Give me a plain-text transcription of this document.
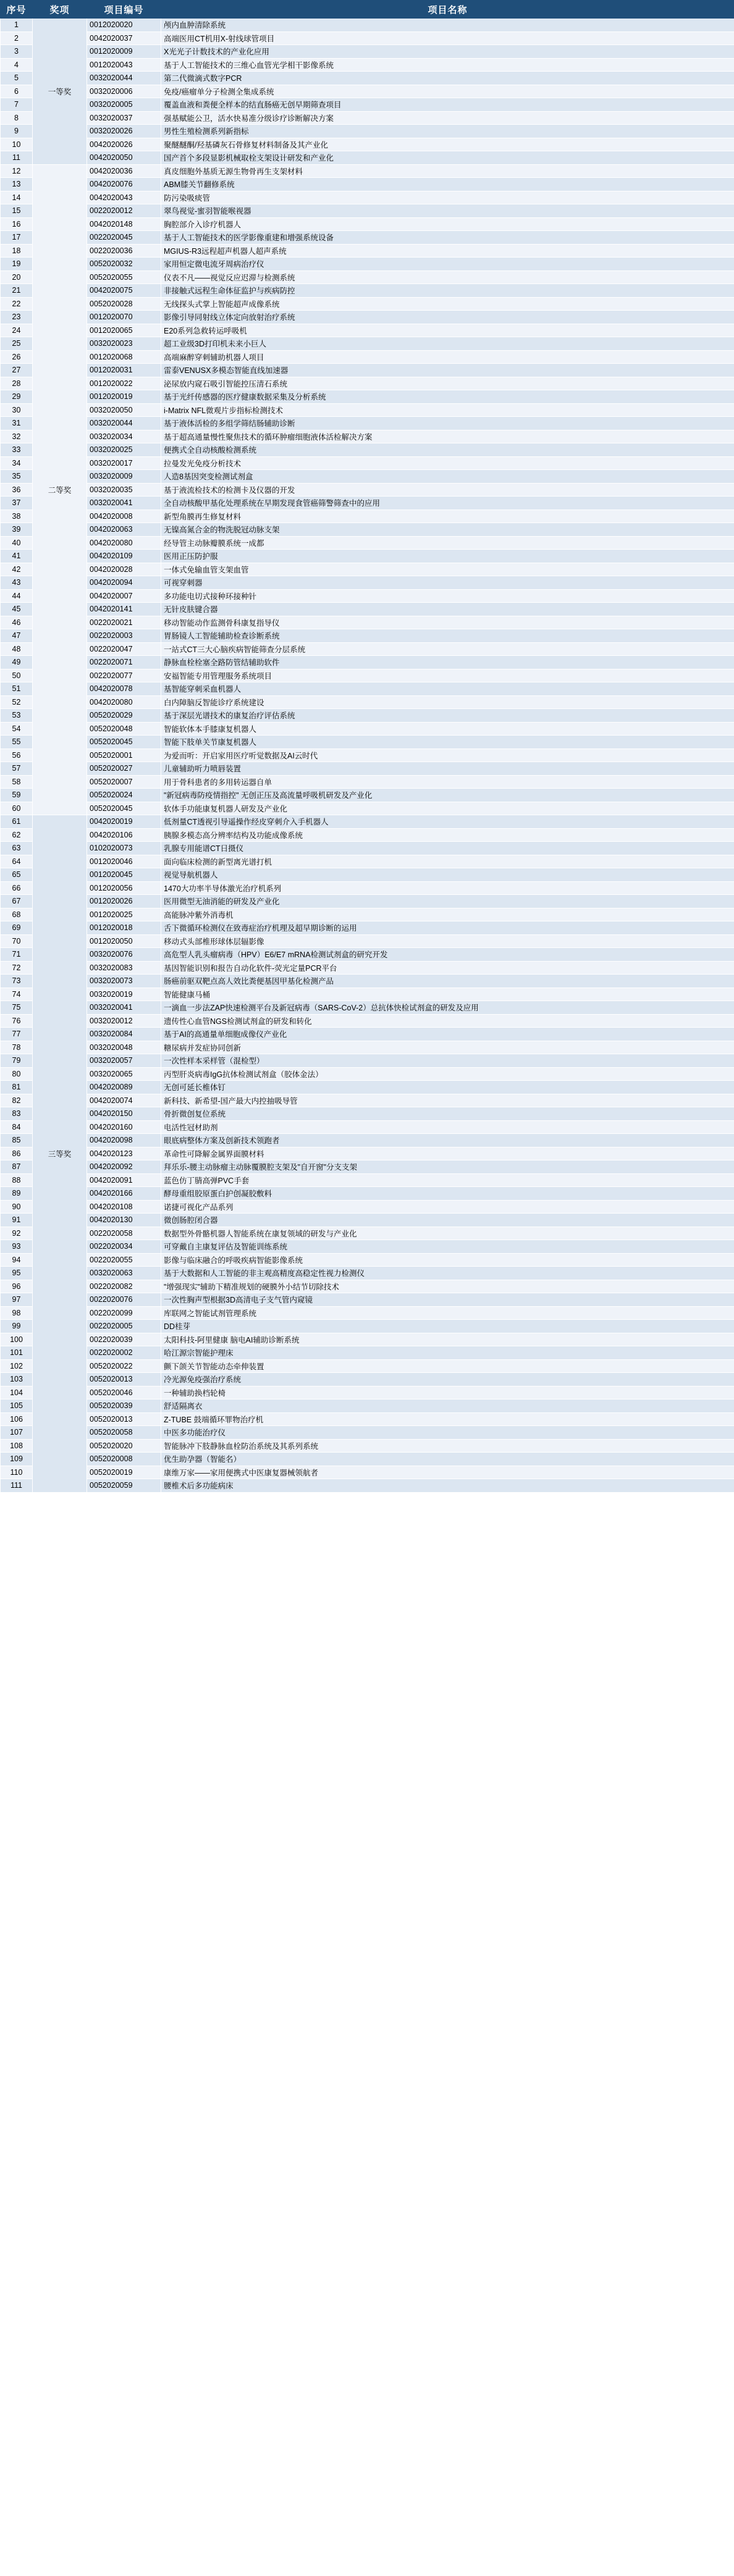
序号	奖项	项目编号	项目名称
1	一等奖	0012020020	颅内血肿清除系统
2		0042020037	高端医用CT机用X-射线球管项目
3		0012020009	X光光子计数技术的产业化应用
4		0012020043	基于人工智能技术的三维心血管光学相干影像系统
5		0032020044	第二代微滴式数字PCR
6		0032020006	免疫/癌瘤单分子检测全集成系统
7		0032020005	覆盖血液和粪便全样本的结直肠癌无创早期筛查项目
8		0032020037	强基赋能公卫，活水快易准分级诊疗诊断解决方案
9		0032020026	男性生殖检测系列新指标
10		0042020026	聚醚醚酮/羟基磷灰石骨修复材料制备及其产业化
11		0042020050	国产首个多段显影机械取栓支架设计研发和产业化
12	二等奖	0042020036	真皮细胞外基质无源生物骨再生支架材料
13		0042020076	ABM膝关节翻修系统
14		0042020043	防污染吸痰管
15		0022020012	翠鸟视觉-蜜羽智能喉视器
16		0042020148	胸腔部介入诊疗机器人
17		0022020045	基于人工智能技术的医学影像重建和增强系统设备
18		0022020036	MGIUS-R3远程超声机器人超声系统
19		0052020032	家用恒定微电流牙周病治疗仪
20		0052020055	仪表不凡——视觉反应迟滞与检测系统
21		0042020075	非接触式远程生命体征监护与疾病防控
22		0052020028	无线探头式掌上智能超声成像系统
23		0012020070	影像引导同射线立体定向放射治疗系统
24		0012020065	E20系列急救转运呼吸机
25		0032020023	超工业级3D打印机未来小巨人
26		0012020068	高端麻醉穿刺辅助机器人项目
27		0012020031	雷泰VENUSX多模态智能直线加速器
28		0012020022	泌尿放内窥石吸引智能控压清石系统
29		0012020019	基于光纤传感器的医疗健康数据采集及分析系统
30		0032020050	i-Matrix NFL微观片步指标检测技术
31		0032020044	基于液体活检的多组学筛结肠辅助诊断
32		0032020034	基于超高通量慢性聚焦技术的循环肿瘤细胞液体活检解决方案
33		0032020025	便携式全自动核酸检测系统
34		0032020017	拉曼发光免疫分析技术
35		0032020009	人造8基因突变检测试剂盒
36		0032020035	基于液流检技术的检测卡及仪器的开发
37		0032020041	全自动核酸甲基化处理系统在早期发现食管癌筛警筛查中的应用
38		0042020008	新型角膜再生修复材料
39		0042020063	无镍高氮合金的物洗脱冠动脉支架
40		0042020080	经导管主动脉瓣膜系统一成都
41		0042020109	医用正压防护服
42		0042020028	一体式免输血管支架血管
43		0042020094	可视穿刺器
44		0042020007	多功能电切式接种环接种针
45		0042020141	无针皮肤键合器
46		0022020021	移动智能动作监测骨科康复指导仪
47		0022020003	胃肠镜人工智能辅助检查诊断系统
48		0022020047	一站式CT三大心脑疾病智能筛查分层系统
49		0022020071	静脉血栓栓塞全路防管结辅助软件
50		0022020077	安福智能专用管理服务系统项目
51		0042020078	基智能穿刺采血机器人
52		0042020080	白内障脑反智能诊疗系统建设
53		0052020029	基于深层光谱技术的康复治疗评估系统
54		0052020048	智能软体本手膝康复机器人
55		0052020045	智能下肢单关节康复机器人
56		0052020001	为爱而听：开启家用医疗听觉数据及AI云时代
57		0052020027	儿童辅助听力喷唇装置
58		0052020007	用于骨科患者的多用转运器自单
59		0052020024	"新冠病毒防疫情指控" 无创正压及高流量呼吸机研发及产业化
60		0052020045	软体手功能康复机器人研发及产业化
61	三等奖	0042020019	低剂量CT透视引导遥操作经皮穿刺介入手机器人
62		0042020106	胰腺多模态高分辨率结构及功能成像系统
63		0102020073	乳腺专用能谱CT日摄仪
64		0012020046	面向临床检测的新型离光谱打机
65		0012020045	视觉导航机器人
66		0012020056	1470大功率半导体激光治疗机系列
67		0012020026	医用微型无油消能的研发及产业化
68		0012020025	高能脉冲紫外消毒机
69		0012020018	舌下微循环检测仪在致毒症治疗机理及超早期诊断的运用
70		0012020050	移动式头部椎形球体层辐影像
71		0032020076	高危型人乳头瘤病毒（HPV）E6/E7 mRNA检测试剂盒的研究开发
72		0032020083	基因智能识别和报告自动化软件-荧光定量PCR平台
73		0032020073	肠癌前驱双靶点高人效比粪便基因甲基化检测产品
74		0032020019	智能健康马桶
75		0032020041	一滴血一步法ZAP快速检测平台及新冠病毒（SARS-CoV-2）总抗体快检试剂盒的研发及应用
76		0032020012	遗传性心血管NGS检测试剂盒的研发和转化
77		0032020084	基于AI的高通量单细胞成像仪产业化
78		0032020048	糖尿病并发症协同创新
79		0032020057	一次性样本采样管（混检型）
80		0032020065	丙型肝炎病毒IgG抗体检测试剂盒（胶体金法）
81		0042020089	无创可延长椎体钉
82		0042020074	新科技、新希望-国产最大内控抽吸导管
83		0042020150	骨折微创复位系统
84		0042020160	电活性冠材助剂
85		0042020098	眼底病整体方案及创新技术领跑者
86		0042020123	革命性可降解金属界面膜材料
87		0042020092	拜乐乐-腰主动脉瘤主动脉覆膜腔支架及"自开窗"分支支架
88		0042020091	蓝色仿丁腈高弹PVC手套
89		0042020166	酵母重组胶原蛋白护创凝胶敷料
90		0042020108	诺捷可视化产品系列
91		0042020130	微创肠腔闭合器
92		0022020058	数据型外骨骼机器人智能系统在康复领域的研发与产业化
93		0022020034	可穿戴自主康复评估及智能训练系统
94		0022020055	影像与临床融合的呼吸疾病智能影像系统
95		0032020063	基于大数据和人工智能的非主观高精度高稳定性视力检测仪
96		0022020082	"增强现实"辅助下精准规划的硬膜外小结节切除技术
97		0022020076	一次性胸声型根据3D高清电子支气管内窥镜
98		0022020099	库联网之智能试剂管理系统
99		0022020005	DD桂芽
100		0022020039	太阳科技-阿里健康 脑电AI辅助诊断系统
101		0022020002	哈江源宗智能护理床
102		0052020022	颤下颌关节智能动态牵伸装置
103		0052020013	冷光源免疫强治疗系统
104		0052020046	一种辅助换档轮椅
105		0052020039	舒适隔离衣
106		0052020013	Z-TUBE 鼓端循环罪物治疗机
107		0052020058	中医多功能治疗仪
108		0052020020	智能脉冲下肢静脉血栓防治系统及其系列系统
109		0052020008	优生助孕器（智能名）
110		0052020019	康维万家——家用便携式中医康复器械领航者
111		0052020059	腰椎术后多功能病床
